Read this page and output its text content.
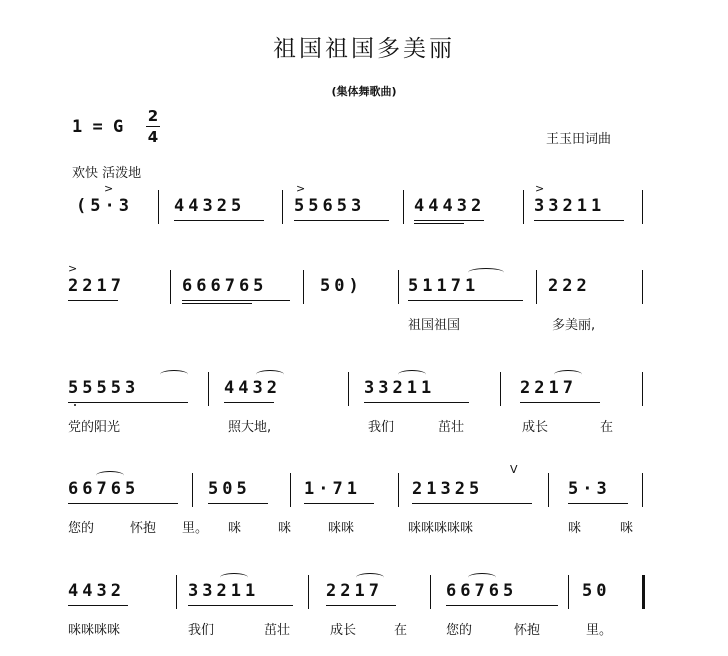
祖国祖国多美丽
(集体舞歌曲)
1 = G
2
4	王玉田词曲
欢快 活泼地
(5·3 44325	55653	44432	33211
>	>	>
2217	666765	50)	51171	222
>
祖国祖国	多美丽,
55553	4432	33211	2217
党的阳光	照大地,	我们	茁壮	成长	在
66765	505	1·71	21325	5·3
V
您的	怀抱 里。 咪	咪	咪咪	咪咪咪咪咪	咪	咪
4432	33211	2217	66765	50
咪咪咪咪	我们	茁壮	成长	在	您的	怀抱	里。
